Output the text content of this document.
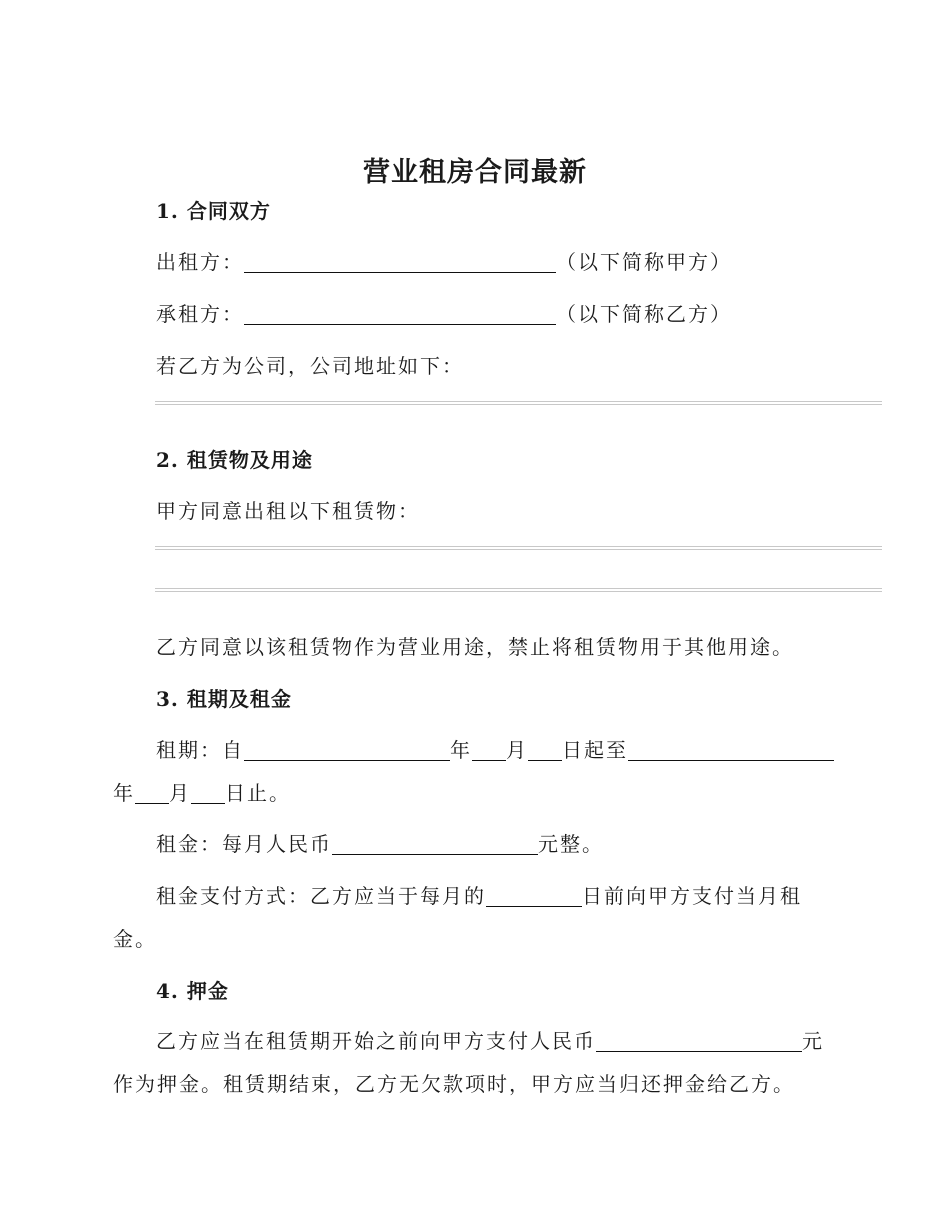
营业租房合同最新
1. 合同双方
出租方：	（以下简称甲方）
承租方：	（以下简称乙方）
若乙方为公司，公司地址如下：
2. 租赁物及用途
甲方同意出租以下租赁物：
乙方同意以该租赁物作为营业用途，禁止将租赁物用于其他用途。
3. 租期及租金
租期：自	年 月 日起至
年 月 日止。
租金：每月人民币	元整。
租金支付方式：乙方应当于每月的	日前向甲方支付当月租
金。
4. 押金
乙方应当在租赁期开始之前向甲方支付人民币	元
作为押金。租赁期结束，乙方无欠款项时，甲方应当归还押金给乙方。
